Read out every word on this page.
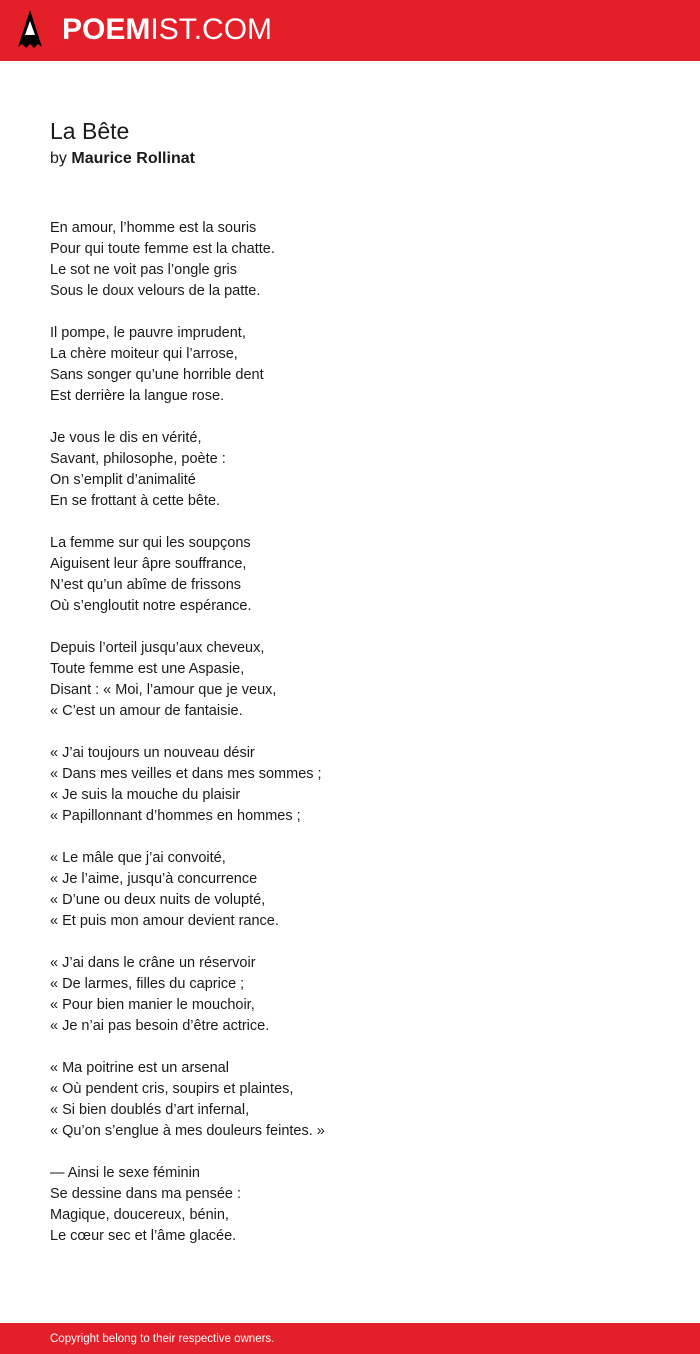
POEMIST.COM
La Bête
by Maurice Rollinat
En amour, l’homme est la souris
Pour qui toute femme est la chatte.
Le sot ne voit pas l’ongle gris
Sous le doux velours de la patte.
Il pompe, le pauvre imprudent,
La chère moiteur qui l’arrose,
Sans songer qu’une horrible dent
Est derrière la langue rose.
Je vous le dis en vérité,
Savant, philosophe, poète :
On s’emplit d’animalité
En se frottant à cette bête.
La femme sur qui les soupçons
Aiguisent leur âpre souffrance,
N’est qu’un abîme de frissons
Où s’engloutit notre espérance.
Depuis l’orteil jusqu’aux cheveux,
Toute femme est une Aspasie,
Disant : « Moi, l’amour que je veux,
« C’est un amour de fantaisie.
« J’ai toujours un nouveau désir
« Dans mes veilles et dans mes sommes ;
« Je suis la mouche du plaisir
« Papillonnant d’hommes en hommes ;
« Le mâle que j’ai convoité,
« Je l’aime, jusqu’à concurrence
« D’une ou deux nuits de volupté,
« Et puis mon amour devient rance.
« J’ai dans le crâne un réservoir
« De larmes, filles du caprice ;
« Pour bien manier le mouchoir,
« Je n’ai pas besoin d’être actrice.
« Ma poitrine est un arsenal
« Où pendent cris, soupirs et plaintes,
« Si bien doublés d’art infernal,
« Qu’on s’englue à mes douleurs feintes. »
— Ainsi le sexe féminin
Se dessine dans ma pensée :
Magique, doucereux, bénin,
Le cœur sec et l’âme glacée.
Copyright belong to their respective owners.
